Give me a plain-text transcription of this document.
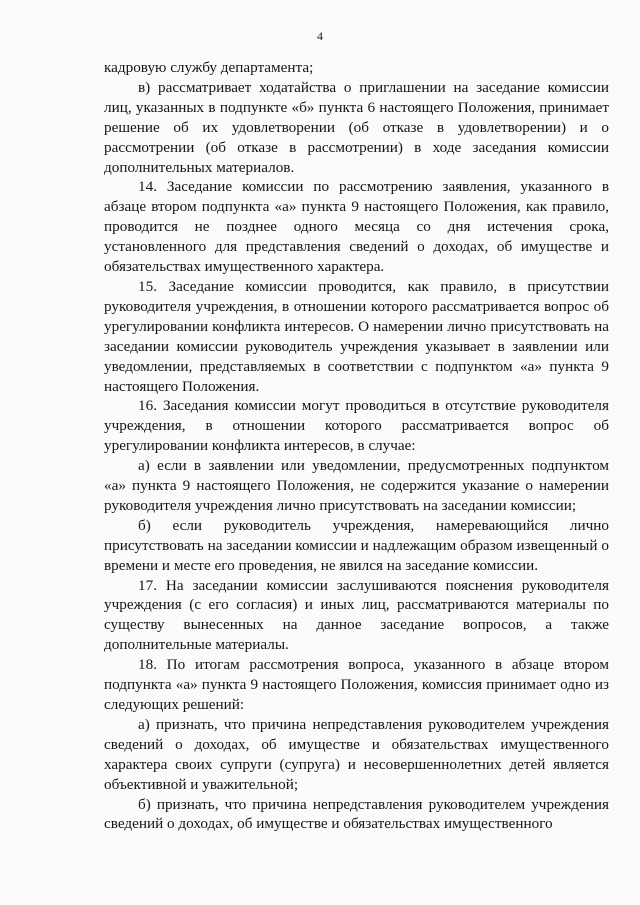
4

кадровую службу департамента;

в) рассматривает ходатайства о приглашении на заседание комиссии лиц, указанных в подпункте «б» пункта 6 настоящего Положения, принимает решение об их удовлетворении (об отказе в удовлетворении) и о рассмотрении (об отказе в рассмотрении) в ходе заседания комиссии дополнительных материалов.

14. Заседание комиссии по рассмотрению заявления, указанного в абзаце втором подпункта «а» пункта 9 настоящего Положения, как правило, проводится не позднее одного месяца со дня истечения срока, установленного для представления сведений о доходах, об имуществе и обязательствах имущественного характера.

15. Заседание комиссии проводится, как правило, в присутствии руководителя учреждения, в отношении которого рассматривается вопрос об урегулировании конфликта интересов. О намерении лично присутствовать на заседании комиссии руководитель учреждения указывает в заявлении или уведомлении, представляемых в соответствии с подпунктом «а» пункта 9 настоящего Положения.

16. Заседания комиссии могут проводиться в отсутствие руководителя учреждения, в отношении которого рассматривается вопрос об урегулировании конфликта интересов, в случае:

а) если в заявлении или уведомлении, предусмотренных подпунктом «а» пункта 9 настоящего Положения, не содержится указание о намерении руководителя учреждения лично присутствовать на заседании комиссии;

б) если руководитель учреждения, намеревающийся лично присутствовать на заседании комиссии и надлежащим образом извещенный о времени и месте его проведения, не явился на заседание комиссии.

17. На заседании комиссии заслушиваются пояснения руководителя учреждения (с его согласия) и иных лиц, рассматриваются материалы по существу вынесенных на данное заседание вопросов, а также дополнительные материалы.

18. По итогам рассмотрения вопроса, указанного в абзаце втором подпункта «а» пункта 9 настоящего Положения, комиссия принимает одно из следующих решений:

а) признать, что причина непредставления руководителем учреждения сведений о доходах, об имуществе и обязательствах имущественного характера своих супруги (супруга) и несовершеннолетних детей является объективной и уважительной;

б) признать, что причина непредставления руководителем учреждения сведений о доходах, об имуществе и обязательствах имущественного
